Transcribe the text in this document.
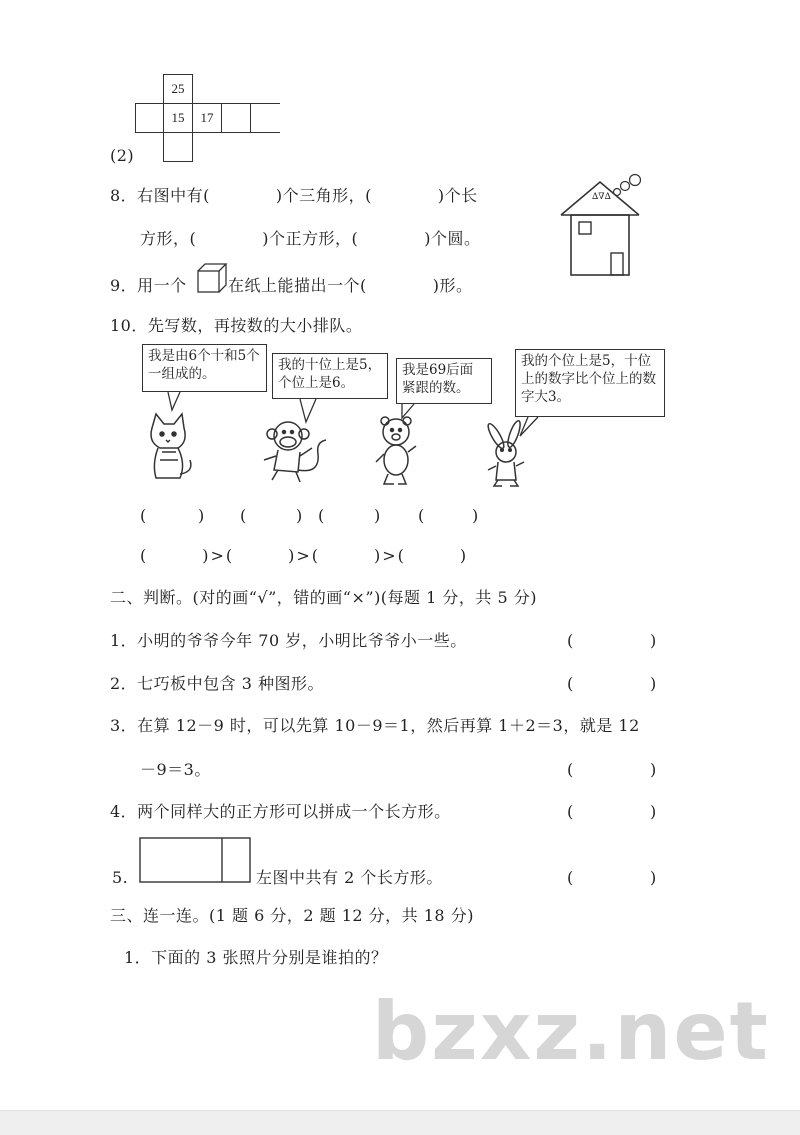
25
15	17
(2)
8．右图中有(　　　　)个三角形，(　　　　)个长
方形，(　　　　)个正方形，(　　　　)个圆。
∆∇∆
9．用一个	在纸上能描出一个(　　　　)形。
10．先写数，再按数的大小排队。
我是由6个十和5个一组成的。
我的十位上是5，个位上是6。
我是69后面紧跟的数。
我的个位上是5，十位上的数字比个位上的数字大3。
(	) (	) (	) (	)
(　　　)>(　　　)>(　　　)>(　　　)
二、判断。(对的画“√”，错的画“×”)(每题 1 分，共 5 分)
1．小明的爷爷今年 70 岁，小明比爷爷小一些。	(	)
2．七巧板中包含 3 种图形。	(	)
3．在算 12－9 时，可以先算 10－9＝1，然后再算 1＋2＝3，就是 12
－9＝3。	(	)
4．两个同样大的正方形可以拼成一个长方形。	(	)
5.	左图中共有 2 个长方形。	(	)
三、连一连。(1 题 6 分，2 题 12 分，共 18 分)
1．下面的 3 张照片分别是谁拍的？
bzxz.net
